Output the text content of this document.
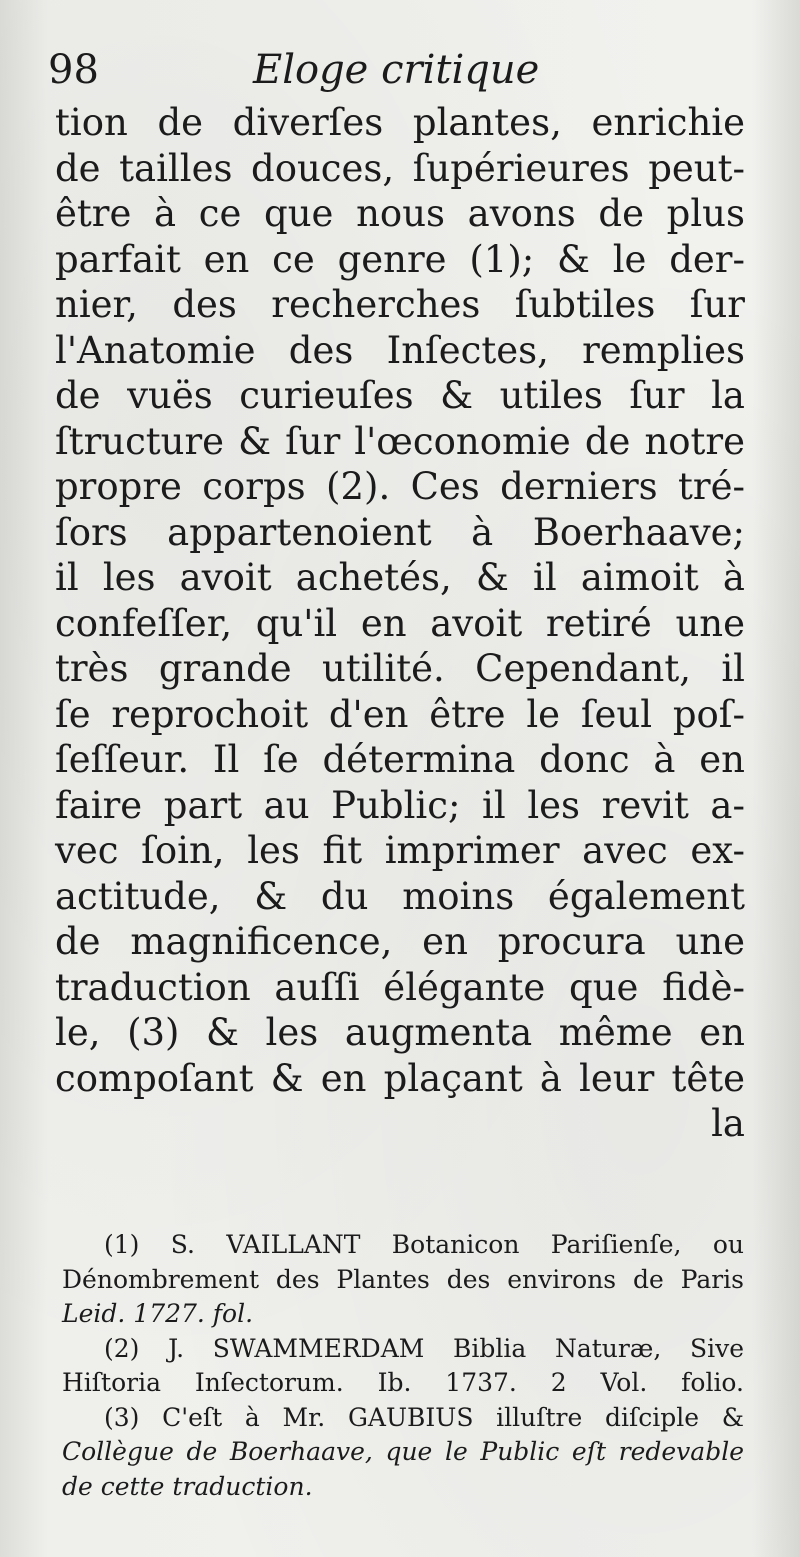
98	Eloge critique
tion de diverſes plantes, enrichie
de tailles douces, ſupérieures peut-
être à ce que nous avons de plus
parfait en ce genre (1); & le der-
nier, des recherches ſubtiles ſur
l'Anatomie des Inſectes, remplies
de vuës curieuſes & utiles ſur la
ſtructure & ſur l'œconomie de notre
propre corps (2). Ces derniers tré-
ſors appartenoient à Boerhaave;
il les avoit achetés, & il aimoit à
confeſſer, qu'il en avoit retiré une
très grande utilité. Cependant, il
ſe reprochoit d'en être le ſeul poſ-
ſeſſeur. Il ſe détermina donc à en
faire part au Public; il les revit a-
vec ſoin, les fit imprimer avec ex-
actitude, & du moins également
de magnificence, en procura une
traduction auſſi élégante que fidè-
le, (3) & les augmenta même en
compoſant & en plaçant à leur tête
la
(1) S. VAILLANT Botanicon Pariſienſe, ou
Dénombrement des Plantes des environs de Paris
Leid. 1727. fol.
(2) J. SWAMMERDAM Biblia Naturæ, Sive
Hiſtoria Inſectorum. Ib. 1737. 2 Vol. folio.
(3) C'eſt à Mr. GAUBIUS illuſtre diſciple &
Collègue de Boerhaave, que le Public eſt redevable
de cette traduction.
